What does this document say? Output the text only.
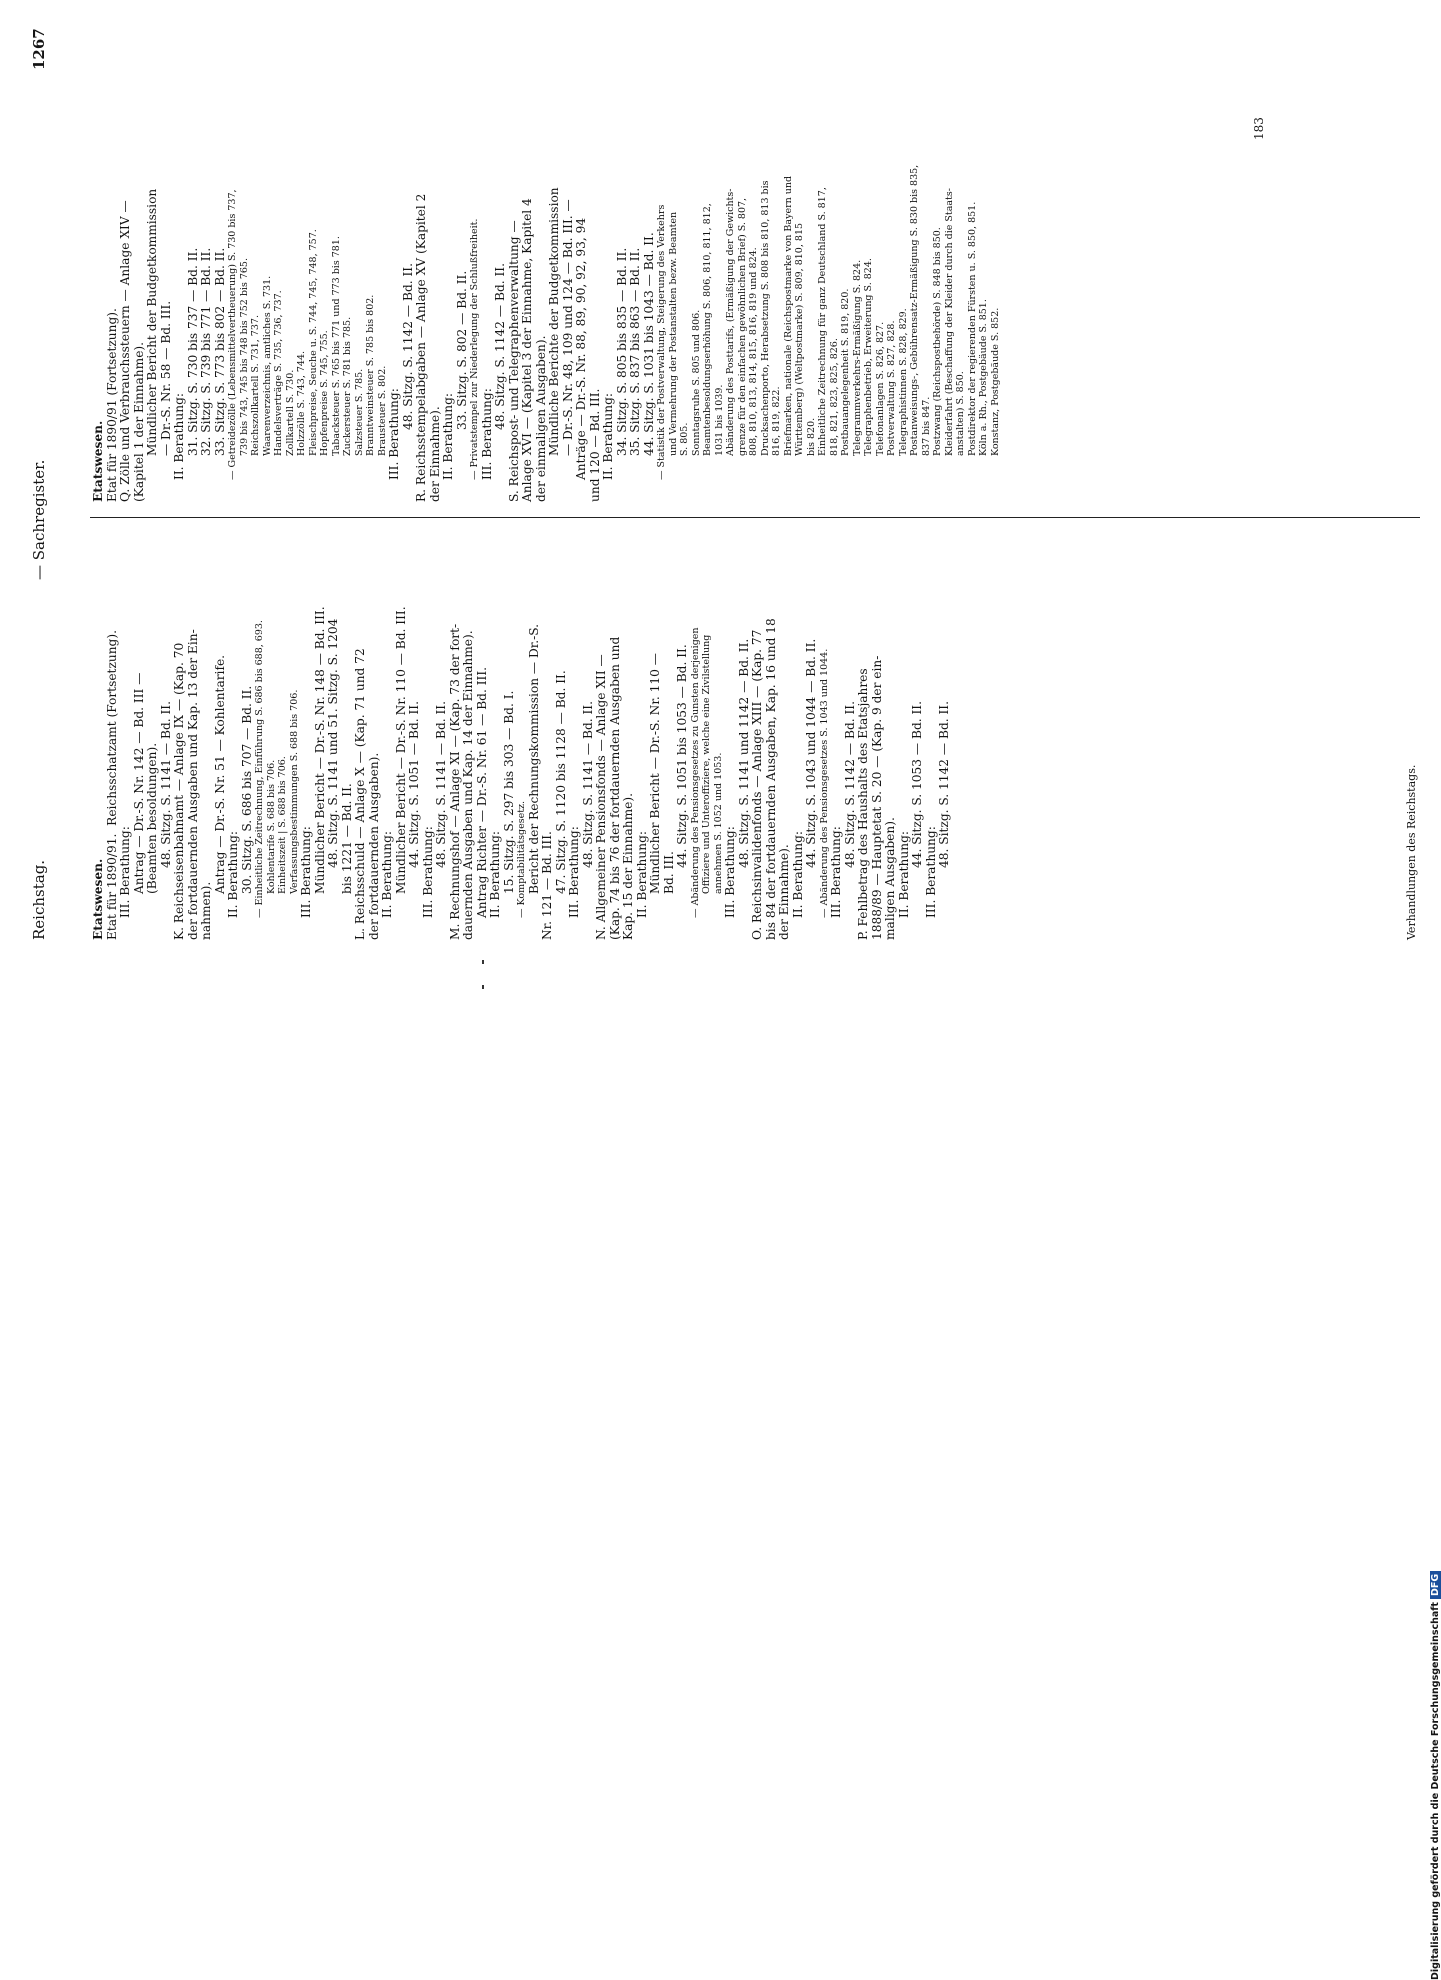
Reichstag.
— Sachregister.
1267
Etatswesen. Etat für 1890/91.  Reichsschatzamt (Fortsetzung). III. Berathung: Antrag — Dr.-S. Nr. 142 — Bd. III — (Beamten besoldungen). 48. Sitzg. S. 1141 — Bd. II. K. Reichseisenbahnamt — Anlage IX — (Kap. 70 der fortdauernden Ausgaben und Kap. 13 der Ein- nahmen).
Antrag — Dr.-S. Nr. 51 — Kohlentarife. II. Berathung: 30. Sitzg. S. 686 bis 707 — Bd. II. — Einheitliche Zeitrechnung, Einführung S. 686 bis 688, 693. Kohlentarife S. 688 bis 706. Einheitszeit | S. 688 bis 706. Verfassungsbestimmungen S. 688 bis 706. III. Berathung: Mündlicher Bericht — Dr.-S. Nr. 148 — Bd. III. 48. Sitzg. S. 1141 und 51. Sitzg. S. 1204 bis 1221 — Bd. II. L. Reichsschuld — Anlage X — (Kap. 71 und 72 der fortdauernden Ausgaben). II. Berathung: Mündlicher Bericht — Dr.-S. Nr. 110 — Bd. III. 44. Sitzg. S. 1051 — Bd. II.
III. Berathung:
48. Sitzg. S. 1141 — Bd. II. M. Rechnungshof — Anlage XI — (Kap. 73 der fort- dauernden Ausgaben und Kap. 14 der Einnahme). Antrag Richter — Dr.-S. Nr. 61 — Bd. III. II. Berathung: 15. Sitzg. S. 297 bis 303 — Bd. I. — Komptabilitätsgesetz. Bericht der Rechnungskommission — Dr.-S. Nr. 121 — Bd. III. 47. Sitzg. S. 1120 bis 1128 — Bd. II. III. Berathung:
48. Sitzg. S. 1141 — Bd. II. N. Allgemeiner Pensionsfonds — Anlage XII — (Kap. 74 bis 76 der fortdauernden Ausgaben und Kap. 15 der Einnahme). II. Berathung: Mündlicher Bericht — Dr.-S. Nr. 110 — Bd. III.
44. Sitzg. S. 1051 bis 1053 — Bd. II. — Abänderung des Pensionsgesetzes zu Gunsten derjenigen Offiziere und Unteroffiziere, welche eine Zivilstellung annehmen S. 1052 und 1053. III. Berathung:
48. Sitzg. S. 1141 und 1142 — Bd. II. O. Reichsinvalidenfonds — Anlage XIII — (Kap. 77 bis 84 der fortdauernden Ausgaben, Kap. 16 und 18 der Einnahme). II. Berathung:
44. Sitzg. S. 1043 und 1044 — Bd. II. — Abänderung des Pensionsgesetzes S. 1043 und 1044. III. Berathung:
48. Sitzg. S. 1142 — Bd. II. P. Fehlbetrag des Haushalts des Etatsjahres 1888/89 — Hauptetat S. 20 — (Kap. 9 der ein- maligen Ausgaben). II. Berathung:
44. Sitzg. S. 1053 — Bd. II.
III. Berathung:
48. Sitzg. S. 1142 — Bd. II.
Etatswesen. Etat für 1890/91 (Fortsetzung). Q. Zölle und Verbrauchssteuern — Anlage XIV — (Kapitel 1 der Einnahme). Mündlicher Bericht der Budgetkommission — Dr.-S. Nr. 58 — Bd. III. II. Berathung: 31. Sitzg. S. 730 bis 737 — Bd. II. 32. Sitzg. S. 739 bis 771 — Bd. II. 33. Sitzg. S. 773 bis 802 — Bd. II. — Getreidezölle (Lebensmittelvertheuerung) S. 730 bis 737, 739 bis 743, 745 bis 748 bis 752 bis 765. Reichszollkartell S. 731, 737. Waarenverzeichnis, amtliches S. 731. Handelsverträge S. 735, 736, 737. Zollkartell S. 730. Holzzölle S. 743, 744. Fleischpreise, Seuche u. S. 744, 745, 748, 757. Hopfenpreise S. 745, 755. Tabacksteuer S. 765 bis 771 und 773 bis 781. Zuckersteuer S. 781 bis 785. Salzsteuer S. 785. Branntweinsteuer S. 785 bis 802. Brausteuer S. 802. III. Berathung:
48. Sitzg. S. 1142 — Bd. II. R. Reichsstempelabgaben — Anlage XV (Kapitel 2 der Einnahme). II. Berathung:
33. Sitzg. S. 802 — Bd. II. — Privatstempel zur Niederlegung der Schlußfreiheit. III. Berathung:
48. Sitzg. S. 1142 — Bd. II. S. Reichspost- und Telegraphenverwaltung — Anlage XVI — (Kapitel 3 der Einnahme, Kapitel 4 der einmaligen Ausgaben). Mündliche Berichte der Budgetkommission — Dr.-S. Nr. 48, 109 und 124 — Bd. III. — Anträge — Dr.-S. Nr. 88, 89, 90, 92, 93, 94 und 120 — Bd. III. II. Berathung: 34. Sitzg. S. 805 bis 835 — Bd. II. 35. Sitzg. S. 837 bis 863 — Bd. II. 44. Sitzg. S. 1031 bis 1043 — Bd. II. — Statistik der Postverwaltung, Steigerung des Verkehrs und Vermehrung der Postanstalten bezw. Beamten S. 805. Sonntagsruhe S. 805 und 806. Beamtenbesoldungserhöhung S. 806, 810, 811, 812, 1031 bis 1039. Abänderung des Posttarifs, (Ermäßigung der Gewichts- grenze für den einfachen gewöhnlichen Brief) S. 807, 808, 810, 813, 814, 815, 816, 819 und 824. Drucksachenporto, Herabsetzung S. 808 bis 810, 813 bis 816, 819, 822. Briefmarken, nationale (Reichspostmarke von Bayern und Württemberg) (Weltpostmarke) S. 809, 810, 815 bis 820. Einheitliche Zeitrechnung für ganz Deutschland S. 817, 818, 821, 823, 825, 826. Postbauangelegenheit S. 819, 820. Telegrammverkehrs-Ermäßigung S. 824. Telegraphenbetrieb, Erweiterung S. 824. Telefonanlagen S. 826, 827. Postverwaltung S. 827, 828. Telegraphistinnen S. 828, 829. Postanweisungs-, Gebührensatz-Ermäßigung S. 830 bis 835, 837 bis 847. Postzwang (Reichspostbehörde) S. 848 bis 850. Kleiderfahrt (Beschaffung der Kleider durch die Staats- anstalten) S. 850. Postdirektor der regierenden Fürsten u. S. 850, 851. Köln a. Rh., Postgebäude S. 851. Konstanz, Postgebäude S. 852.
183
Verhandlungen des Reichstags.
Digitalisierung gefördert durch die Deutsche ForschungsgemeinschaftDFG
